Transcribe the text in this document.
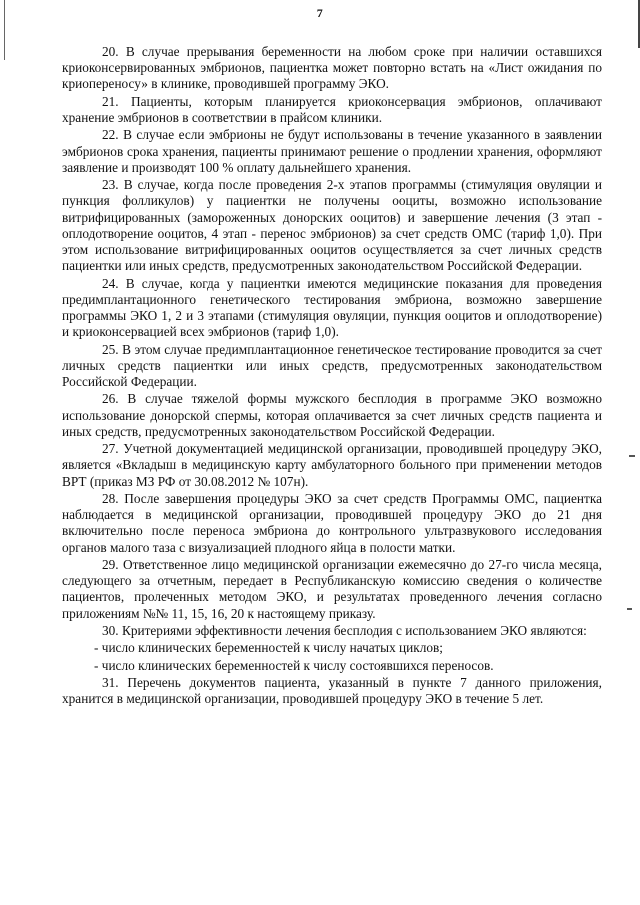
7

20. В случае прерывания беременности на любом сроке при наличии оставшихся криоконсервированных эмбрионов, пациентка может повторно встать на «Лист ожидания по криопереносу» в клинике, проводившей программу ЭКО.

21. Пациенты, которым планируется криоконсервация эмбрионов, оплачивают хранение эмбрионов в соответствии в прайсом клиники.

22. В случае если эмбрионы не будут использованы в течение указанного в заявлении эмбрионов срока хранения, пациенты принимают решение о продлении хранения, оформляют заявление и производят 100 % оплату дальнейшего хранения.

23. В случае, когда после проведения 2-х этапов программы (стимуляция овуляции и пункция фолликулов) у пациентки не получены ооциты, возможно использование витрифицированных (замороженных донорских ооцитов) и завершение лечения (3 этап - оплодотворение ооцитов, 4 этап - перенос эмбрионов) за счет средств ОМС (тариф 1,0). При этом использование витрифицированных ооцитов осуществляется за счет личных средств пациентки или иных средств, предусмотренных законодательством Российской Федерации.

24. В случае, когда у пациентки имеются медицинские показания для проведения предимплантационного генетического тестирования эмбриона, возможно завершение программы ЭКО 1, 2 и 3 этапами (стимуляция овуляции, пункция ооцитов и оплодотворение) и криоконсервацией всех эмбрионов (тариф 1,0).

25. В этом случае предимплантационное генетическое тестирование проводится за счет личных средств пациентки или иных средств, предусмотренных законодательством Российской Федерации.

26. В случае тяжелой формы мужского бесплодия в программе ЭКО возможно использование донорской спермы, которая оплачивается за счет личных средств пациента и иных средств, предусмотренных законодательством Российской Федерации.

27. Учетной документацией медицинской организации, проводившей процедуру ЭКО, является «Вкладыш в медицинскую карту амбулаторного больного при применении методов ВРТ (приказ МЗ РФ от 30.08.2012 № 107н).

28. После завершения процедуры ЭКО за счет средств Программы ОМС, пациентка наблюдается в медицинской организации, проводившей процедуру ЭКО до 21 дня включительно после переноса эмбриона до контрольного ультразвукового исследования органов малого таза с визуализацией плодного яйца в полости матки.

29. Ответственное лицо медицинской организации ежемесячно до 27-го числа месяца, следующего за отчетным, передает в Республиканскую комиссию сведения о количестве пациентов, пролеченных методом ЭКО, и результатах проведенного лечения согласно приложениям №№ 11, 15, 16, 20 к настоящему приказу.

30. Критериями эффективности лечения бесплодия с использованием ЭКО являются:

- число клинических беременностей к числу начатых циклов;

- число клинических беременностей к числу состоявшихся переносов.

31. Перечень документов пациента, указанный в пункте 7 данного приложения, хранится в медицинской организации, проводившей процедуру ЭКО в течение 5 лет.
